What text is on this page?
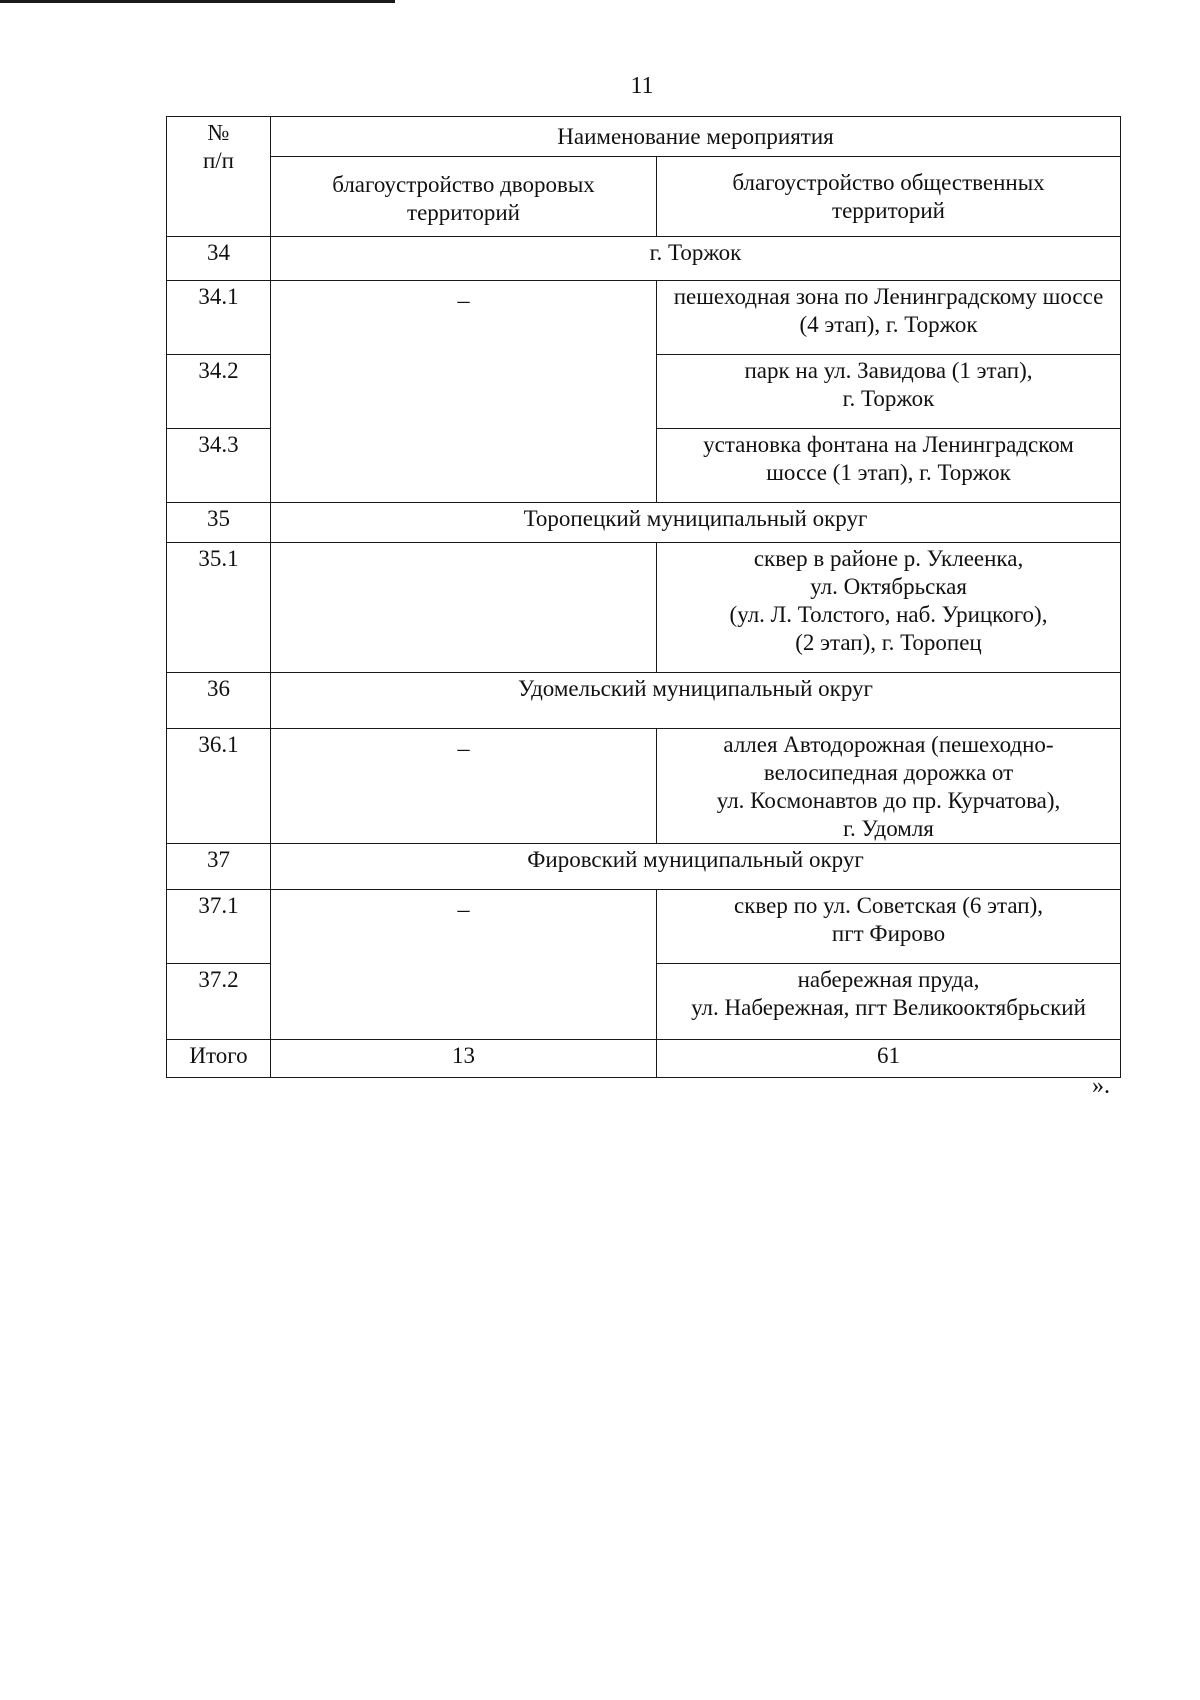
11
№
п/п	Наименование мероприятия	
	благоустройство дворовых территорий	благоустройство общественных территорий
34	г. Торжок	
34.1	–	пешеходная зона по Ленинградскому шоссе (4 этап), г. Торжок
34.2		парк на ул. Завидова (1 этап),
г. Торжок
34.3		установка фонтана на Ленинградском шоссе (1 этап), г. Торжок
35	Торопецкий муниципальный округ	
35.1		сквер в районе р. Уклеенка,
ул. Октябрьская
(ул. Л. Толстого, наб. Урицкого),
(2 этап), г. Торопец
36	Удомельский муниципальный округ	
36.1	–	аллея Автодорожная (пешеходно-
велосипедная дорожка от
ул. Космонавтов до пр. Курчатова),
г. Удомля
37	Фировский муниципальный округ	
37.1	–	сквер по ул. Советская (6 этап),
пгт Фирово
37.2		набережная пруда,
ул. Набережная, пгт Великооктябрьский
Итого	13	61
».
